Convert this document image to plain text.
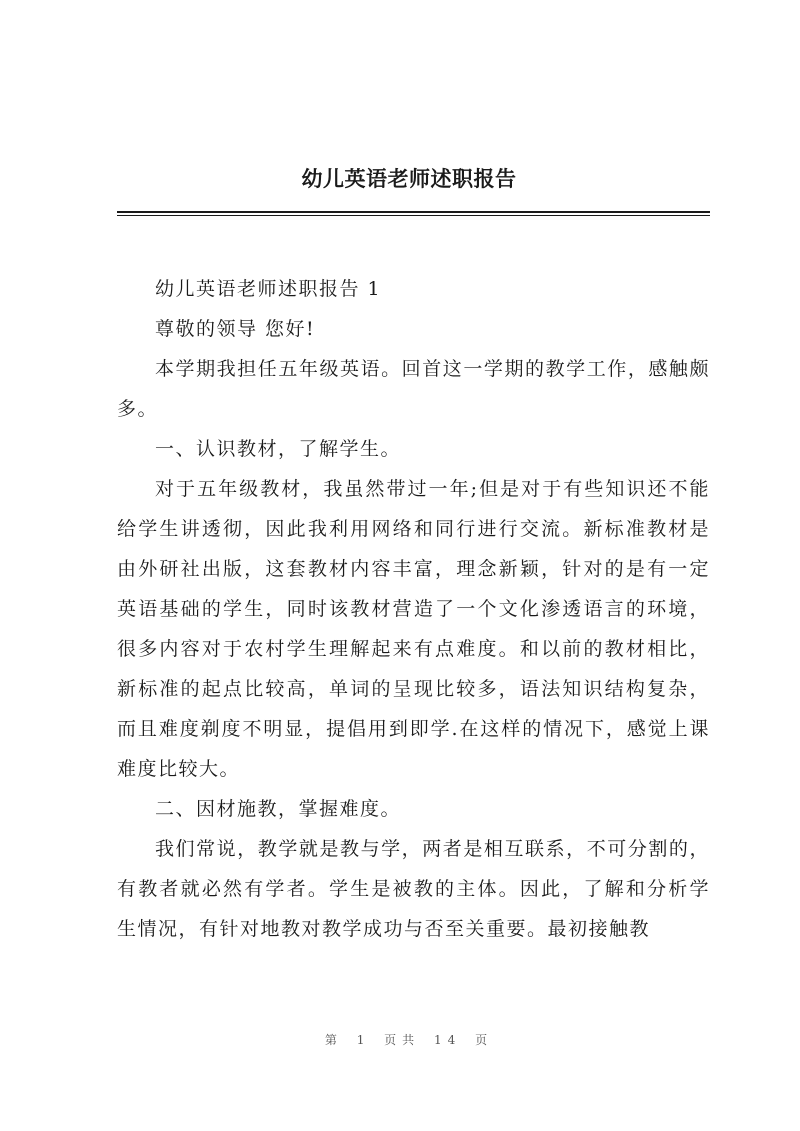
幼儿英语老师述职报告

幼儿英语老师述职报告 1

尊敬的领导 您好!

本学期我担任五年级英语。回首这一学期的教学工作，感触颇多。

一、认识教材，了解学生。

对于五年级教材，我虽然带过一年;但是对于有些知识还不能给学生讲透彻，因此我利用网络和同行进行交流。新标准教材是由外研社出版，这套教材内容丰富，理念新颖，针对的是有一定英语基础的学生，同时该教材营造了一个文化渗透语言的环境，很多内容对于农村学生理解起来有点难度。和以前的教材相比，新标准的起点比较高，单词的呈现比较多，语法知识结构复杂，而且难度剃度不明显，提倡用到即学.在这样的情况下，感觉上课难度比较大。

二、因材施教，掌握难度。

我们常说，教学就是教与学，两者是相互联系，不可分割的，有教者就必然有学者。学生是被教的主体。因此，了解和分析学生情况，有针对地教对教学成功与否至关重要。最初接触教

第 1 页共 14 页
